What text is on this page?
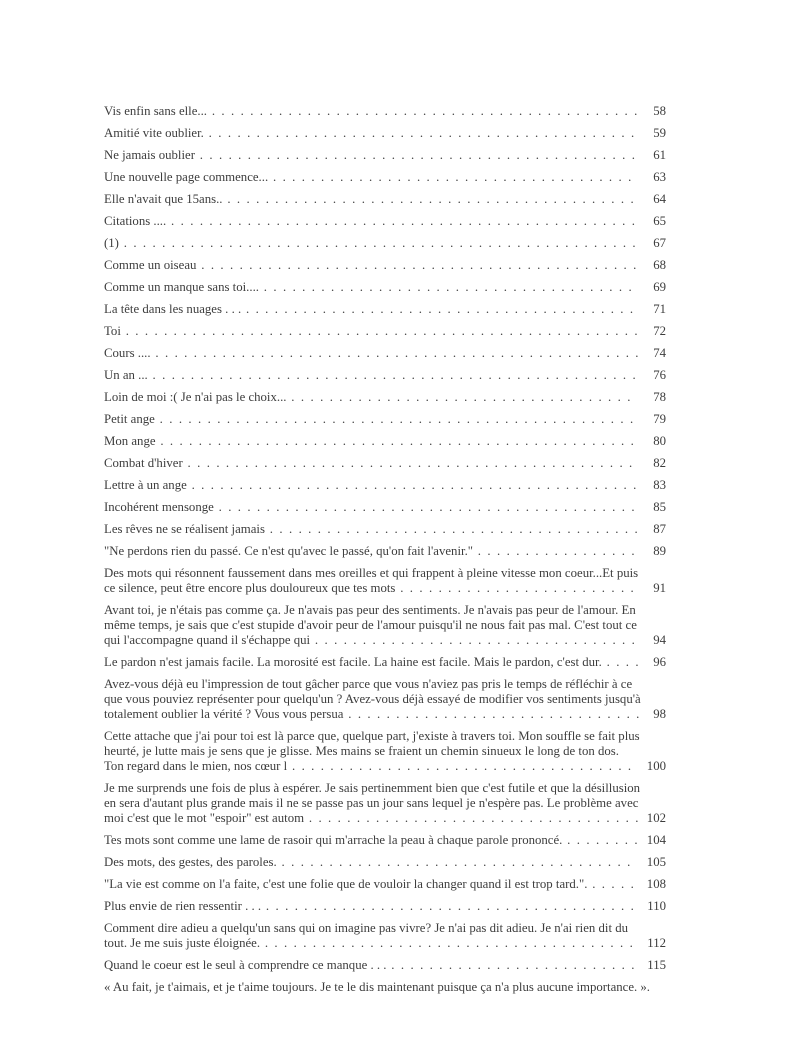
Vis enfin sans elle... . . . . . . . . . . . . . . . . . . . . . . . . . . . . . . . . . . . . . . . . . . . . . 58
Amitié vite oublier. . . . . . . . . . . . . . . . . . . . . . . . . . . . . . . . . . . . . . . . . . . . . . 59
Ne jamais oublier . . . . . . . . . . . . . . . . . . . . . . . . . . . . . . . . . . . . . . . . . . . . . . 61
Une nouvelle page commence... . . . . . . . . . . . . . . . . . . . . . . . . . . . . . . . . . . . . . . 63
Elle n'avait que 15ans.. . . . . . . . . . . . . . . . . . . . . . . . . . . . . . . . . . . . . . . . . . . . 64
Citations .... . . . . . . . . . . . . . . . . . . . . . . . . . . . . . . . . . . . . . . . . . . . . . . . . . 65
(1) . . . . . . . . . . . . . . . . . . . . . . . . . . . . . . . . . . . . . . . . . . . . . . . . . . . . . . 67
Comme un oiseau . . . . . . . . . . . . . . . . . . . . . . . . . . . . . . . . . . . . . . . . . . . . . . 68
Comme un manque sans toi.... . . . . . . . . . . . . . . . . . . . . . . . . . . . . . . . . . . . . . . . 69
La tête dans les nuages . . . . . . . . . . . . . . . . . . . . . . . . . . . . . . . . . . . . . . . . . . . . 71
Toi . . . . . . . . . . . . . . . . . . . . . . . . . . . . . . . . . . . . . . . . . . . . . . . . . . . . . . 72
Cours .... . . . . . . . . . . . . . . . . . . . . . . . . . . . . . . . . . . . . . . . . . . . . . . . . . . . 74
Un an ... . . . . . . . . . . . . . . . . . . . . . . . . . . . . . . . . . . . . . . . . . . . . . . . . . . . 76
Loin de moi :( Je n'ai pas le choix... . . . . . . . . . . . . . . . . . . . . . . . . . . . . . . . . . . . . 78
Petit ange . . . . . . . . . . . . . . . . . . . . . . . . . . . . . . . . . . . . . . . . . . . . . . . . . . 79
Mon ange . . . . . . . . . . . . . . . . . . . . . . . . . . . . . . . . . . . . . . . . . . . . . . . . . . 80
Combat d'hiver . . . . . . . . . . . . . . . . . . . . . . . . . . . . . . . . . . . . . . . . . . . . . . . 82
Lettre à un ange . . . . . . . . . . . . . . . . . . . . . . . . . . . . . . . . . . . . . . . . . . . . . . . 83
Incohérent mensonge . . . . . . . . . . . . . . . . . . . . . . . . . . . . . . . . . . . . . . . . . . . . 85
Les rêves ne se réalisent jamais . . . . . . . . . . . . . . . . . . . . . . . . . . . . . . . . . . . . . . . 87
"Ne perdons rien du passé. Ce n'est qu'avec le passé, qu'on fait l'avenir." . . . . . . . . . . . . . . . . . 89
Des mots qui résonnent faussement dans mes oreilles et qui frappent à pleine vitesse mon coeur...Et puis ce silence, peut être encore plus douloureux que tes mots . . . . . . . . . . . . . . . . . . . . . . . . . 91
Avant toi, je n'étais pas comme ça. Je n'avais pas peur des sentiments. Je n'avais pas peur de l'amour. En même temps, je sais que c'est stupide d'avoir peur de l'amour puisqu'il ne nous fait pas mal. C'est tout ce qui l'accompagne quand il s'échappe qui . . . . . . . . . . . . . . . . . . . . . . . . . . . . . . . . . . 94
Le pardon n'est jamais facile. La morosité est facile. La haine est facile. Mais le pardon, c'est dur. . . . . 96
Avez-vous déjà eu l'impression de tout gâcher parce que vous n'aviez pas pris le temps de réfléchir à ce que vous pouviez représenter pour quelqu'un ? Avez-vous déjà essayé de modifier vos sentiments jusqu'à totalement oublier la vérité ? Vous vous persua . . . . . . . . . . . . . . . . . . . . . . . . . . . . . . . 98
Cette attache que j'ai pour toi est là parce que, quelque part, j'existe à travers toi. Mon souffle se fait plus heurté, je lutte mais je sens que je glisse. Mes mains se fraient un chemin sinueux le long de ton dos. Ton regard dans le mien, nos cœur l . . . . . . . . . . . . . . . . . . . . . . . . . . . . . . . . . . . . 100
Je me surprends une fois de plus à espérer. Je sais pertinemment bien que c'est futile et que la désillusion en sera d'autant plus grande mais il ne se passe pas un jour sans lequel je n'espère pas. Le problème avec moi c'est que le mot "espoir" est autom . . . . . . . . . . . . . . . . . . . . . . . . . . . . . . . . . . . 102
Tes mots sont comme une lame de rasoir qui m'arrache la peau à chaque parole prononcé. . . . . . . . . 104
Des mots, des gestes, des paroles. . . . . . . . . . . . . . . . . . . . . . . . . . . . . . . . . . . . . . 105
"La vie est comme on l'a faite, c'est une folie que de vouloir la changer quand il est trop tard.". . . . . . 108
Plus envie de rien ressentir . . . . . . . . . . . . . . . . . . . . . . . . . . . . . . . . . . . . . . . . . . 110
Comment dire adieu a quelqu'un sans qui on imagine pas vivre? Je n'ai pas dit adieu. Je n'ai rien dit du tout. Je me suis juste éloignée. . . . . . . . . . . . . . . . . . . . . . . . . . . . . . . . . . . . . . . . 112
Quand le coeur est le seul à comprendre ce manque . . . . . . . . . . . . . . . . . . . . . . . . . . . . . 115
« Au fait, je t'aimais, et je t'aime toujours. Je te le dis maintenant puisque ça n'a plus aucune importance. ».
